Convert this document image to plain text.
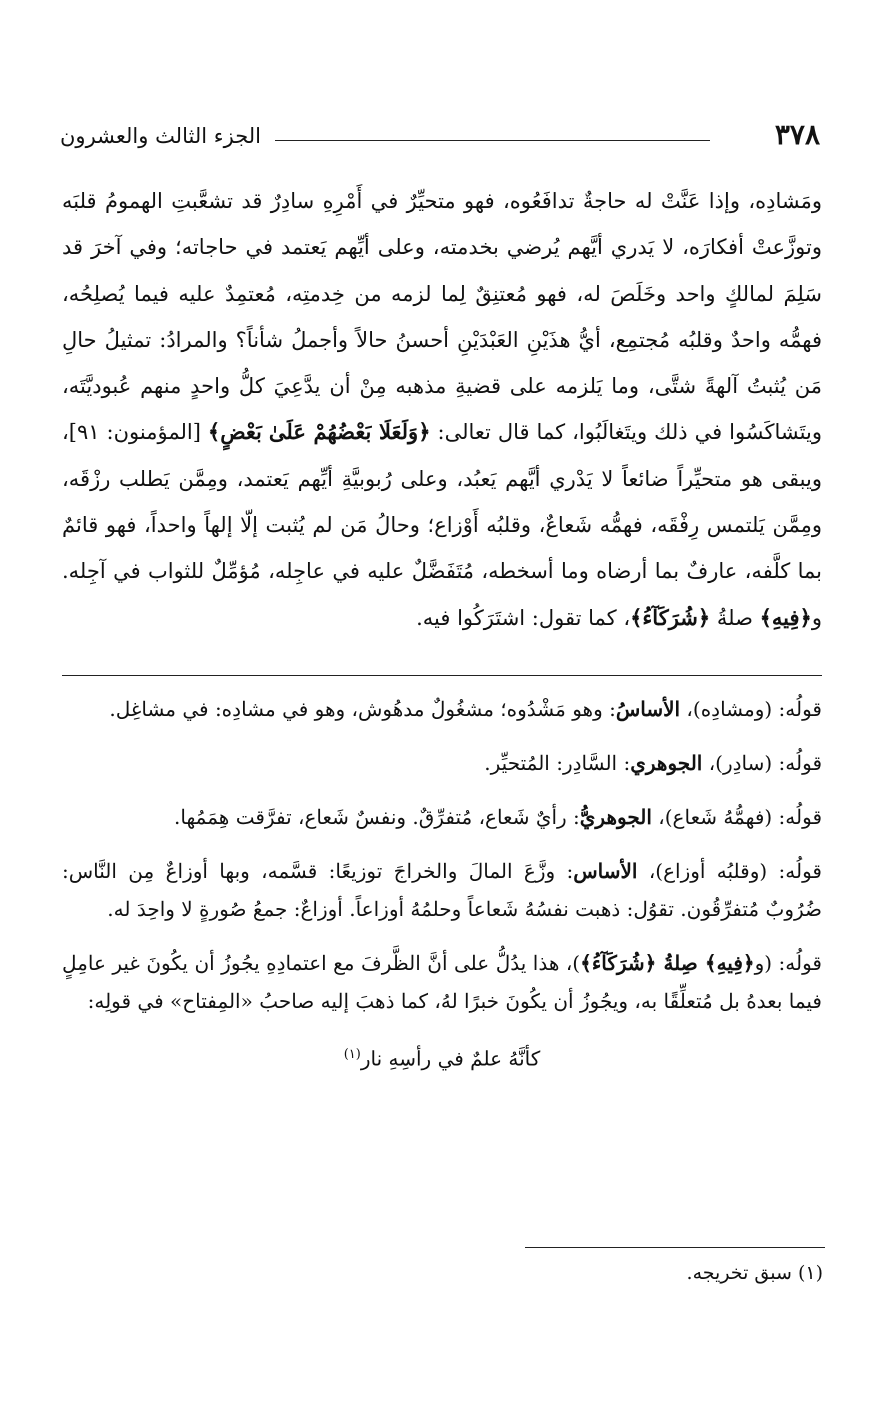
٣٧٨
الجزء الثالث والعشرون

ومَشادِه، وإذا عَنَّتْ له حاجةٌ تدافَعُوه، فهو متحيِّرٌ في أَمْرِهِ سادِرٌ قد تشعَّبتِ الهمومُ قلبَه وتوزَّعتْ أفكارَه، لا يَدري أيَّهم يُرضي بخدمته، وعلى أيِّهم يَعتمد في حاجاته؛ وفي آخرَ قد سَلِمَ لمالكٍ واحد وخَلَصَ له، فهو مُعتنِقٌ لِما لزمه من خِدمتِه، مُعتمِدٌ عليه فيما يُصلِحُه، فهمُّه واحدٌ وقلبُه مُجتمِع، أيُّ هذَيْنِ العَبْدَيْنِ أحسنُ حالاً وأجملُ شأناً؟ والمرادُ: تمثيلُ حالِ مَن يُثبتُ آلهةً شتَّى، وما يَلزمه على قضيةِ مذهبه مِنْ أن يدَّعِيَ كلُّ واحدٍ منهم عُبوديَّتَه، ويتَشاكَسُوا في ذلك ويتَغالَبُوا، كما قال تعالى: ﴿وَلَعَلَا بَعْضُهُمْ عَلَىٰ بَعْضٍ﴾ [المؤمنون: ٩١]، ويبقى هو متحيِّراً ضائعاً لا يَدْري أيَّهم يَعبُد، وعلى رُبوبيَّةِ أيِّهم يَعتمد، ومِمَّن يَطلب رزْقَه، ومِمَّن يَلتمس رِفْقَه، فهمُّه شَعاعٌ، وقلبُه أَوْزاع؛ وحالُ مَن لم يُثبت إلّا إلهاً واحداً، فهو قائمٌ بما كلَّفه، عارفٌ بما أرضاه وما أسخطه، مُتَفَضَّلٌ عليه في عاجِله، مُؤمِّلٌ للثواب في آجِله. و﴿فِيهِ﴾ صلةُ ﴿شُرَكَآءُ﴾، كما تقول: اشتَرَكُوا فيه.

قولُه: (ومشادِه)، الأساسُ: وهو مَشْدُوه؛ مشغُولٌ مدهُوش، وهو في مشادِه: في مشاغِل.

قولُه: (سادِر)، الجوهري: السَّادِر: المُتحيِّر.

قولُه: (فهمُّهُ شَعاع)، الجوهريُّ: رأيٌ شَعاع، مُتفرِّقٌ. ونفسٌ شَعاع، تفرَّقت هِمَمُها.

قولُه: (وقلبُه أوزاع)، الأساس: وزَّعَ المالَ والخراجَ توزيعًا: قسَّمه، وبها أوزاعٌ مِن النَّاس: ضُرُوبٌ مُتفرِّقُون. تقوُل: ذهبت نفسُهُ شَعاعاً وحلمُهُ أوزاعاً. أوزاعٌ: جمعُ صُورةٍ لا واحِدَ له.

قولُه: (و﴿فِيهِ﴾ صِلةُ ﴿شُرَكَآءُ﴾)، هذا يدُلُّ على أنَّ الظَّرفَ مع اعتمادِهِ يجُوزُ أن يكُونَ غير عامِلٍ فيما بعدهُ بل مُتعلِّقًا به، ويجُوزُ أن يكُونَ خبرًا لهُ، كما ذهبَ إليه صاحبُ «المِفتاح» في قولِه:

كأنَّهُ علمٌ في رأسِهِ نار$^{(١)}$

(١) سبق تخريجه.
